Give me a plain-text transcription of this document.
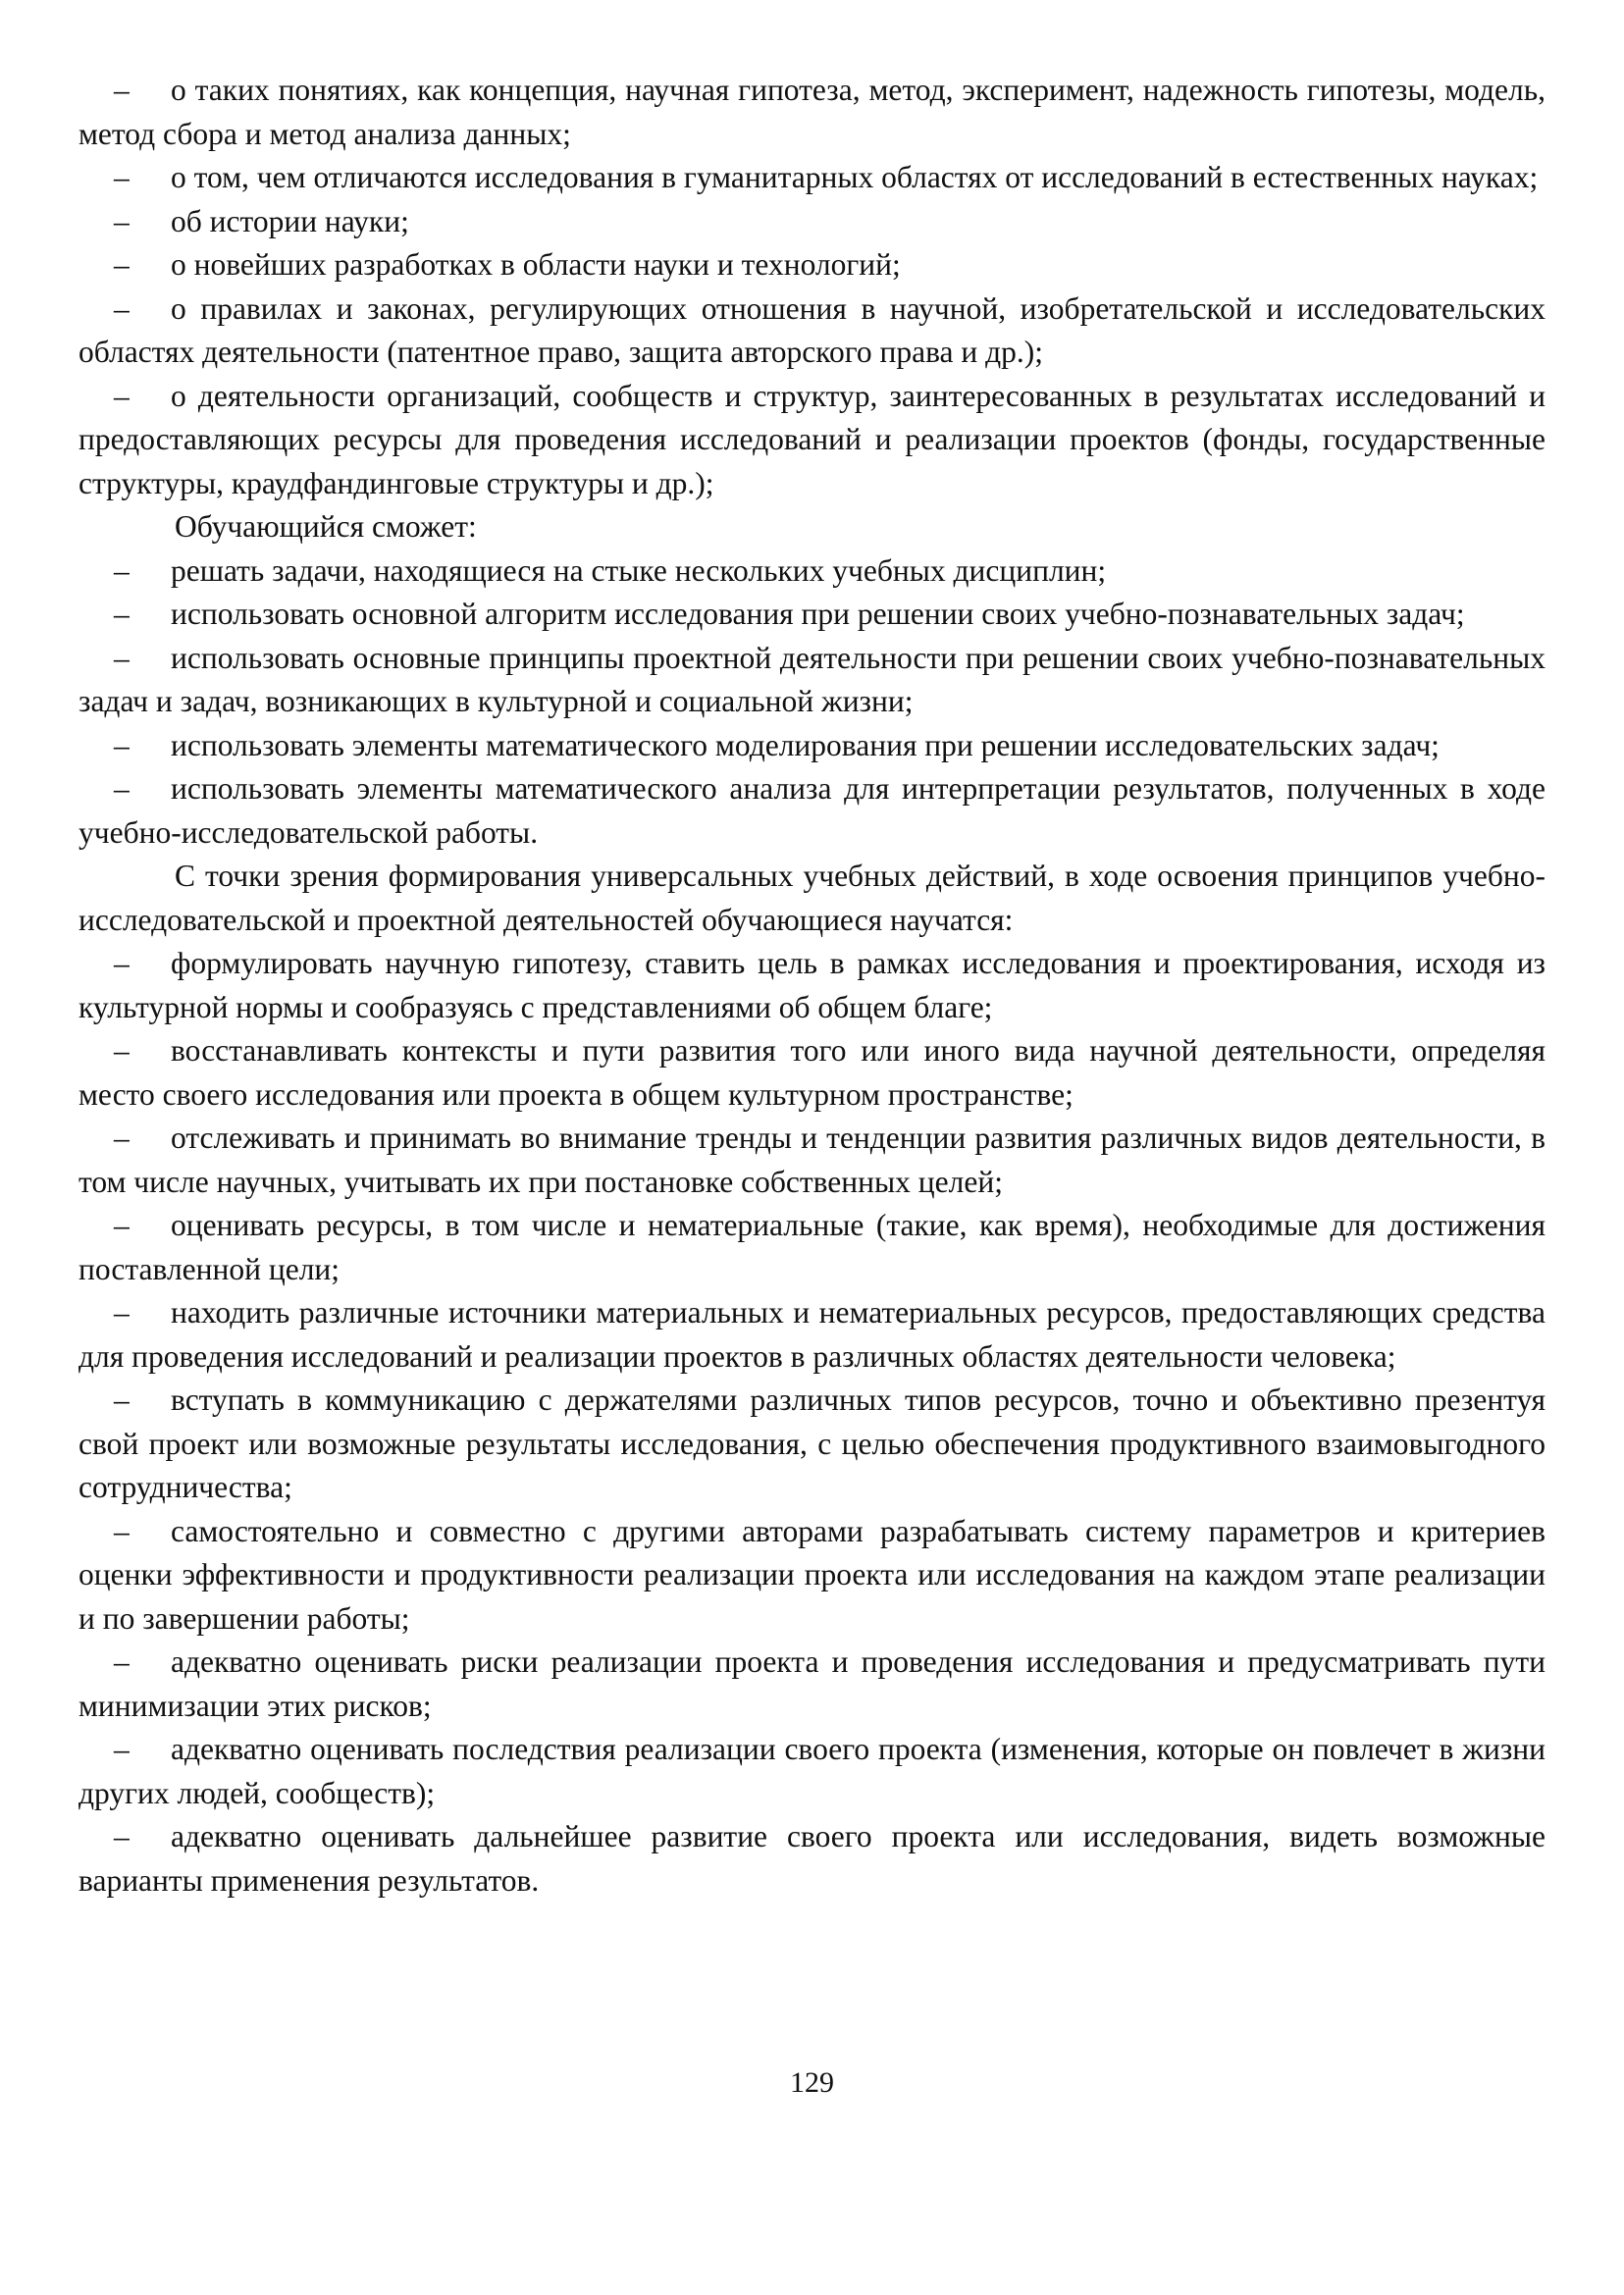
– о таких понятиях, как концепция, научная гипотеза, метод, эксперимент, надежность гипотезы, модель, метод сбора и метод анализа данных;

– о том, чем отличаются исследования в гуманитарных областях от исследований в естественных науках;

– об истории науки;

– о новейших разработках в области науки и технологий;

– о правилах и законах, регулирующих отношения в научной, изобретательской и исследовательских областях деятельности (патентное право, защита авторского права и др.);

– о деятельности организаций, сообществ и структур, заинтересованных в результатах исследований и предоставляющих ресурсы для проведения исследований и реализации проектов (фонды, государственные структуры, краудфандинговые структуры и др.);

Обучающийся сможет:

– решать задачи, находящиеся на стыке нескольких учебных дисциплин;

– использовать основной алгоритм исследования при решении своих учебно-познавательных задач;

– использовать основные принципы проектной деятельности при решении своих учебно-познавательных задач и задач, возникающих в культурной и социальной жизни;

– использовать элементы математического моделирования при решении исследовательских задач;

– использовать элементы математического анализа для интерпретации результатов, полученных в ходе учебно-исследовательской работы.

С точки зрения формирования универсальных учебных действий, в ходе освоения принципов учебно-исследовательской и проектной деятельностей обучающиеся научатся:

– формулировать научную гипотезу, ставить цель в рамках исследования и проектирования, исходя из культурной нормы и сообразуясь с представлениями об общем благе;

– восстанавливать контексты и пути развития того или иного вида научной деятельности, определяя место своего исследования или проекта в общем культурном пространстве;

– отслеживать и принимать во внимание тренды и тенденции развития различных видов деятельности, в том числе научных, учитывать их при постановке собственных целей;

– оценивать ресурсы, в том числе и нематериальные (такие, как время), необходимые для достижения поставленной цели;

– находить различные источники материальных и нематериальных ресурсов, предоставляющих средства для проведения исследований и реализации проектов в различных областях деятельности человека;

– вступать в коммуникацию с держателями различных типов ресурсов, точно и объективно презентуя свой проект или возможные результаты исследования, с целью обеспечения продуктивного взаимовыгодного сотрудничества;

– самостоятельно и совместно с другими авторами разрабатывать систему параметров и критериев оценки эффективности и продуктивности реализации проекта или исследования на каждом этапе реализации и по завершении работы;

– адекватно оценивать риски реализации проекта и проведения исследования и предусматривать пути минимизации этих рисков;

– адекватно оценивать последствия реализации своего проекта (изменения, которые он повлечет в жизни других людей, сообществ);

– адекватно оценивать дальнейшее развитие своего проекта или исследования, видеть возможные варианты применения результатов.

129
